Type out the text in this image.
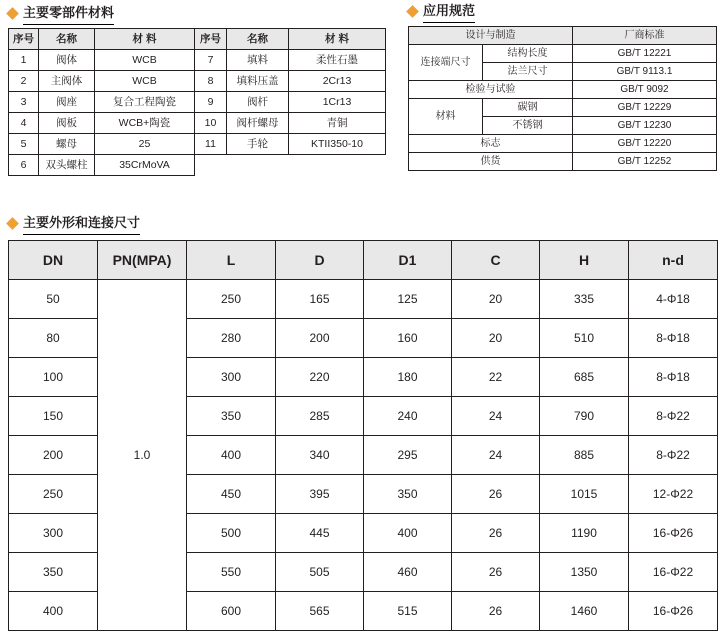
主要零部件材料
序号	名称	材 料	序号	名称	材 料
1	阀体	WCB	7	填料	柔性石墨
2	主阀体	WCB	8	填料压盖	2Cr13
3	阀座	复合工程陶瓷	9	阀杆	1Cr13
4	阀板	WCB+陶瓷	10	阀杆螺母	青铜
5	螺母	25	11	手轮	KTII350-10
6	双头螺柱	35CrMoVA			
应用规范
设计与制造		厂商标准
连接端尺寸	结构长度	GB/T 12221
	法兰尺寸	GB/T 9113.1
检验与试验		GB/T 9092
材料	碳钢	GB/T 12229
	不锈钢	GB/T 12230
标志		GB/T 12220
供货		GB/T 12252
主要外形和连接尺寸
DN	PN(MPA)	L	D	D1	C	H	n-d
50	1.0	250	165	125	20	335	4-Φ18
80		280	200	160	20	510	8-Φ18
100		300	220	180	22	685	8-Φ18
150		350	285	240	24	790	8-Φ22
200		400	340	295	24	885	8-Φ22
250		450	395	350	26	1015	12-Φ22
300		500	445	400	26	1190	16-Φ26
350		550	505	460	26	1350	16-Φ22
400		600	565	515	26	1460	16-Φ26
